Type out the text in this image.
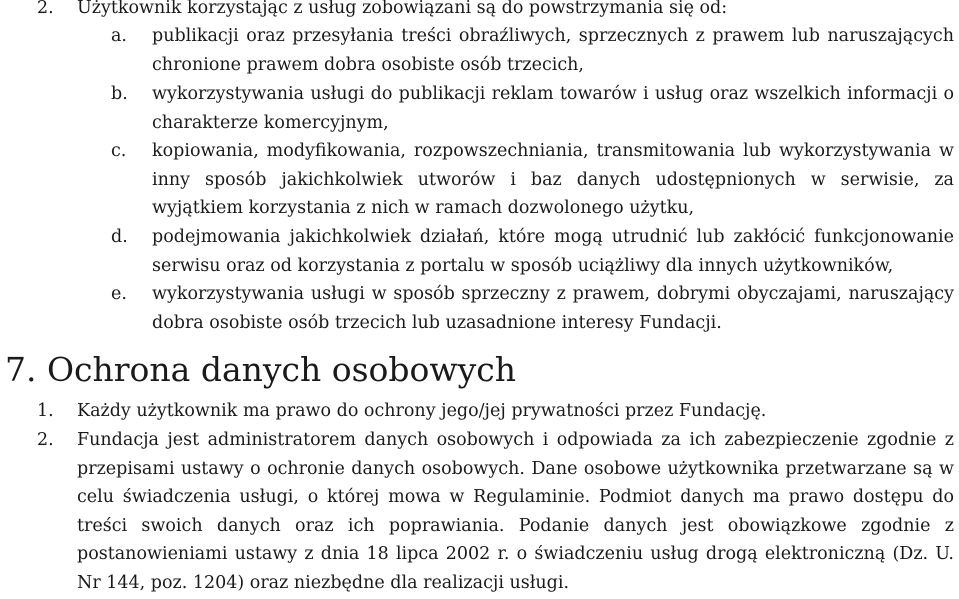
2.	Użytkownik korzystając z usług zobowiązani są do powstrzymania się od:
a.	publikacji oraz przesyłania treści obraźliwych, sprzecznych z prawem lub naruszających chronione prawem dobra osobiste osób trzecich,
b.	wykorzystywania usługi do publikacji reklam towarów i usług oraz wszelkich informacji o charakterze komercyjnym,
c.	kopiowania, modyfikowania, rozpowszechniania, transmitowania lub wykorzystywania w inny sposób jakichkolwiek utworów i baz danych udostępnionych w serwisie, za wyjątkiem korzystania z nich w ramach dozwolonego użytku,
d.	podejmowania jakichkolwiek działań, które mogą utrudnić lub zakłócić funkcjonowanie serwisu oraz od korzystania z portalu w sposób uciążliwy dla innych użytkowników,
e.	wykorzystywania usługi w sposób sprzeczny z prawem, dobrymi obyczajami, naruszający dobra osobiste osób trzecich lub uzasadnione interesy Fundacji.
7. Ochrona danych osobowych
1.	Każdy użytkownik ma prawo do ochrony jego/jej prywatności przez Fundację.
2.	Fundacja jest administratorem danych osobowych i odpowiada za ich zabezpieczenie zgodnie z przepisami ustawy o ochronie danych osobowych. Dane osobowe użytkownika przetwarzane są w celu świadczenia usługi, o której mowa w Regulaminie. Podmiot danych ma prawo dostępu do treści swoich danych oraz ich poprawiania. Podanie danych jest obowiązkowe zgodnie z postanowieniami ustawy z dnia 18 lipca 2002 r. o świadczeniu usług drogą elektroniczną (Dz. U. Nr 144, poz. 1204) oraz niezbędne dla realizacji usługi.
